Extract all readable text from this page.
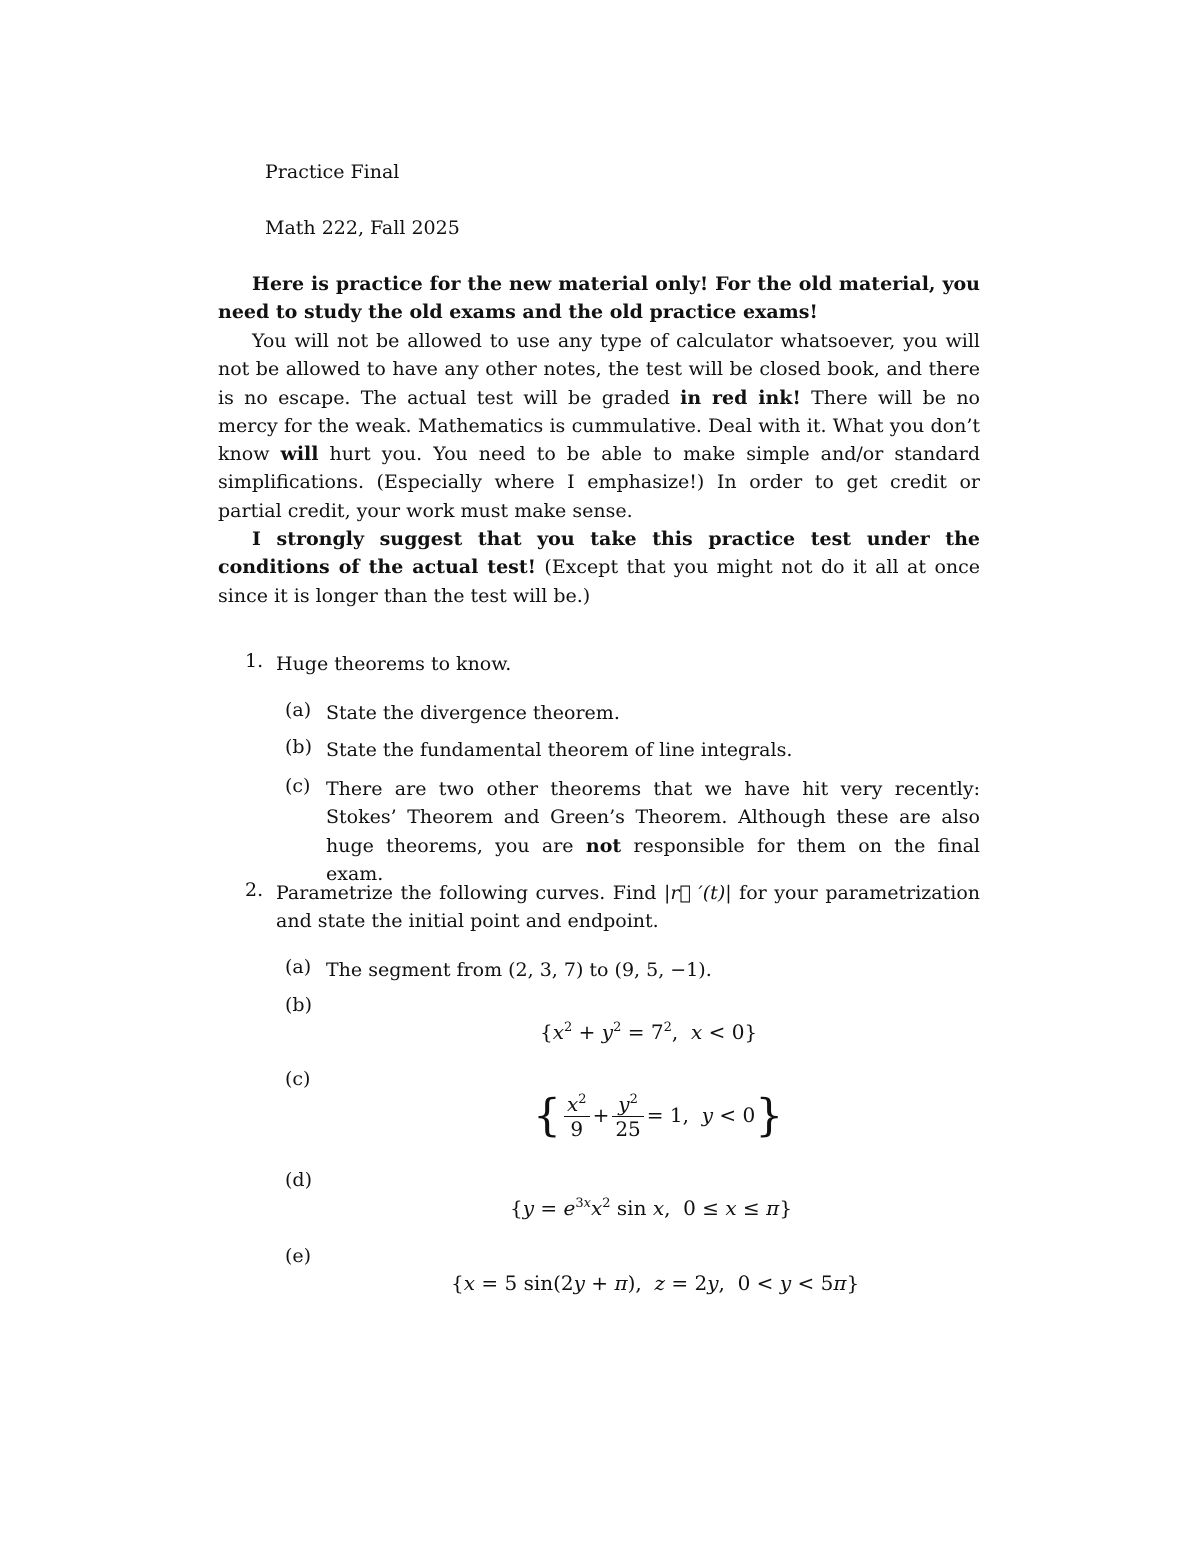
Practice Final
Math 222, Fall 2025
Here is practice for the new material only! For the old material, you need to study the old exams and the old practice exams!
You will not be allowed to use any type of calculator whatsoever, you will not be allowed to have any other notes, the test will be closed book, and there is no escape. The actual test will be graded in red ink! There will be no mercy for the weak. Mathematics is cummulative. Deal with it. What you don’t know will hurt you. You need to be able to make simple and/or standard simplifications. (Especially where I emphasize!) In order to get credit or partial credit, your work must make sense.
I strongly suggest that you take this practice test under the conditions of the actual test! (Except that you might not do it all at once since it is longer than the test will be.)
1. Huge theorems to know.
(a) State the divergence theorem.
(b) State the fundamental theorem of line integrals.
(c) There are two other theorems that we have hit very recently: Stokes’ Theorem and Green’s Theorem. Although these are also huge theorems, you are not responsible for them on the final exam.
2. Parametrize the following curves. Find |r⃗ ′(t)| for your parametrization and state the initial point and endpoint.
(a) The segment from (2, 3, 7) to (9, 5, −1).
(b)
{$x^2 + y^2 = 7^2$,  x < 0}
(c)
{ $\frac{x^2}{9} + \frac{y^2}{25} = 1$,  y < 0}
(d)
{$y = e^{3x}x^2$ sin x,  0 ≤ x ≤ π}
(e)
{x = 5 sin(2y + π),  z = 2y,  0 < y < 5π}
